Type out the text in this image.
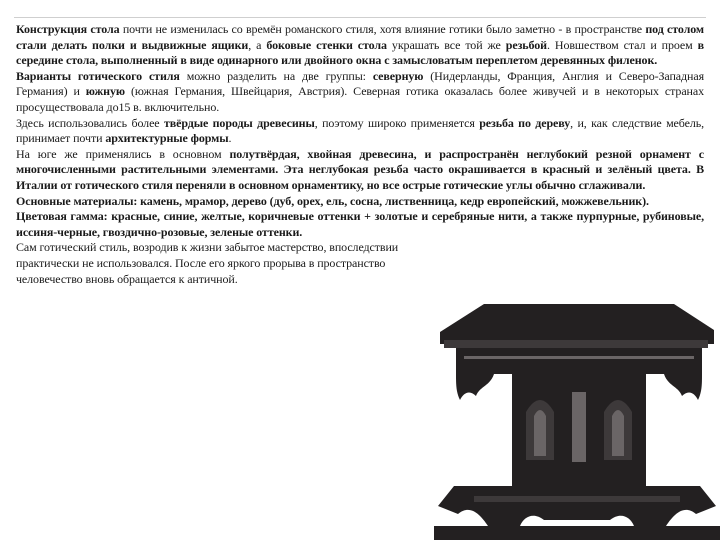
Конструкция стола почти не изменилась со времён романского стиля, хотя влияние готики было заметно - в пространстве под столом стали делать полки и выдвижные ящики, а боковые стенки стола украшать все той же резьбой. Новшеством стал и проем в середине стола, выполненный в виде одинарного или двойного окна с замысловатым переплетом деревянных филенок.

Варианты готического стиля можно разделить на две группы: северную (Нидерланды, Франция, Англия и Северо-Западная Германия) и южную (южная Германия, Швейцария, Австрия). Северная готика оказалась более живучей и в некоторых странах просуществовала до15 в. включительно.

Здесь использовались более твёрдые породы древесины, поэтому широко применяется резьба по дереву, и, как следствие мебель, принимает почти архитектурные формы.

На юге же применялись в основном полутвёрдая, хвойная древесина, и распространён неглубокий резной орнамент с многочисленными растительными элементами. Эта неглубокая резьба часто окрашивается в красный и зелёный цвета. В Италии от готического стиля переняли в основном орнаментику, но все острые готические углы обычно сглаживали.

Основные материалы: камень, мрамор, дерево (дуб, орех, ель, сосна, лиственница, кедр европейский, можжевельник).

Цветовая гамма: красные, синие, желтые, коричневые оттенки + золотые и серебряные нити, а также пурпурные, рубиновые, иссиня-черные, гвоздично-розовые, зеленые оттенки.

Сам готический стиль, возродив к жизни забытое мастерство, впоследствии практически не использовался. После его яркого прорыва в пространство человечество вновь обращается к античной.
